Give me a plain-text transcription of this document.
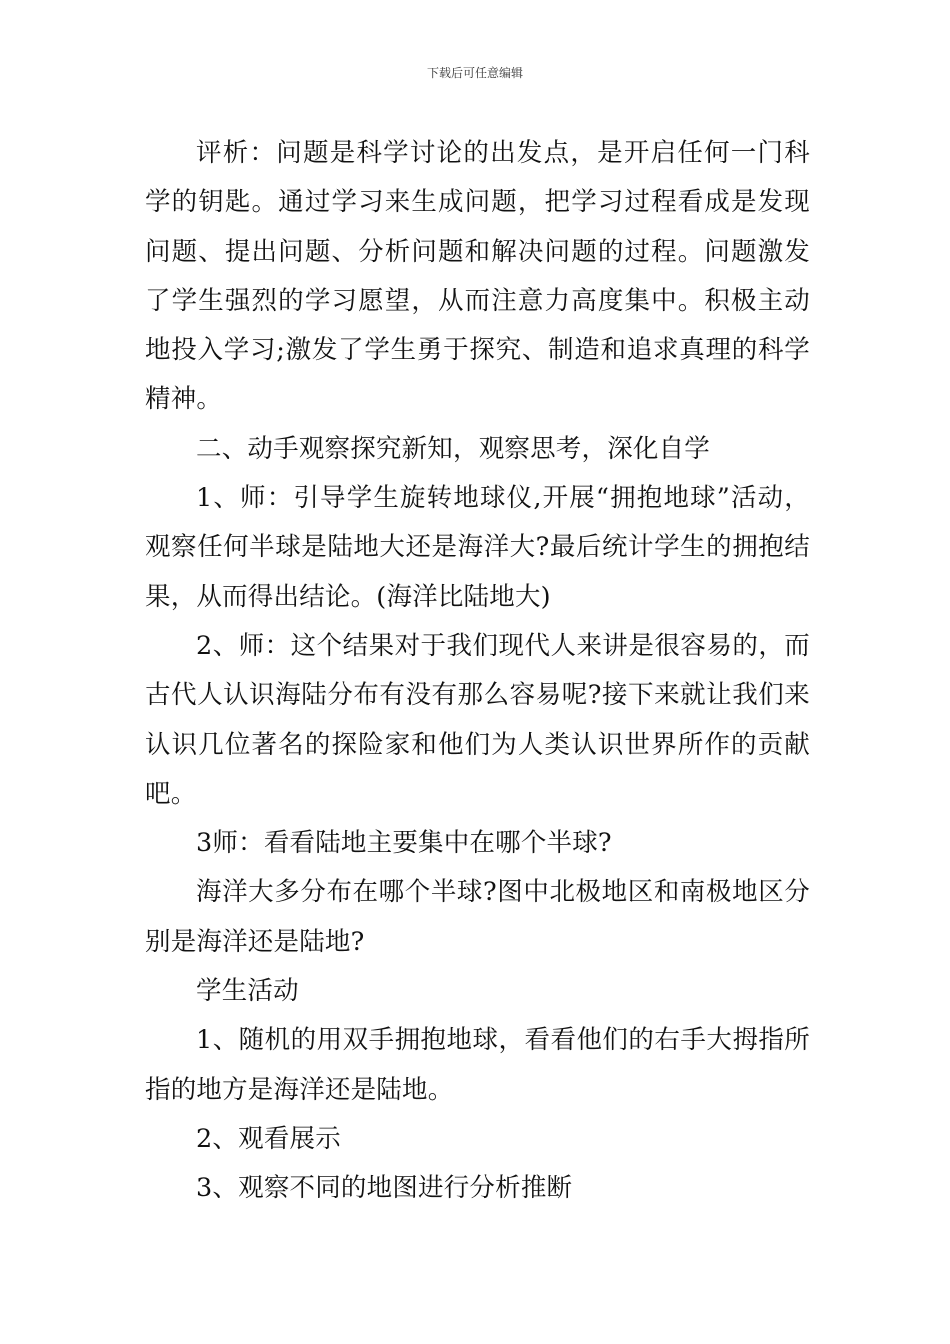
下载后可任意编辑

评析：问题是科学讨论的出发点，是开启任何一门科学的钥匙。通过学习来生成问题，把学习过程看成是发现问题、提出问题、分析问题和解决问题的过程。问题激发了学生强烈的学习愿望，从而注意力高度集中。积极主动地投入学习;激发了学生勇于探究、制造和追求真理的科学精神。

二、动手观察探究新知，观察思考，深化自学

1、师：引导学生旋转地球仪,开展“拥抱地球”活动，观察任何半球是陆地大还是海洋大?最后统计学生的拥抱结果，从而得出结论。(海洋比陆地大)

2、师：这个结果对于我们现代人来讲是很容易的，而古代人认识海陆分布有没有那么容易呢?接下来就让我们来认识几位著名的探险家和他们为人类认识世界所作的贡献吧。

3师：看看陆地主要集中在哪个半球?

海洋大多分布在哪个半球?图中北极地区和南极地区分别是海洋还是陆地?

学生活动

1、随机的用双手拥抱地球，看看他们的右手大拇指所指的地方是海洋还是陆地。

2、观看展示

3、观察不同的地图进行分析推断
